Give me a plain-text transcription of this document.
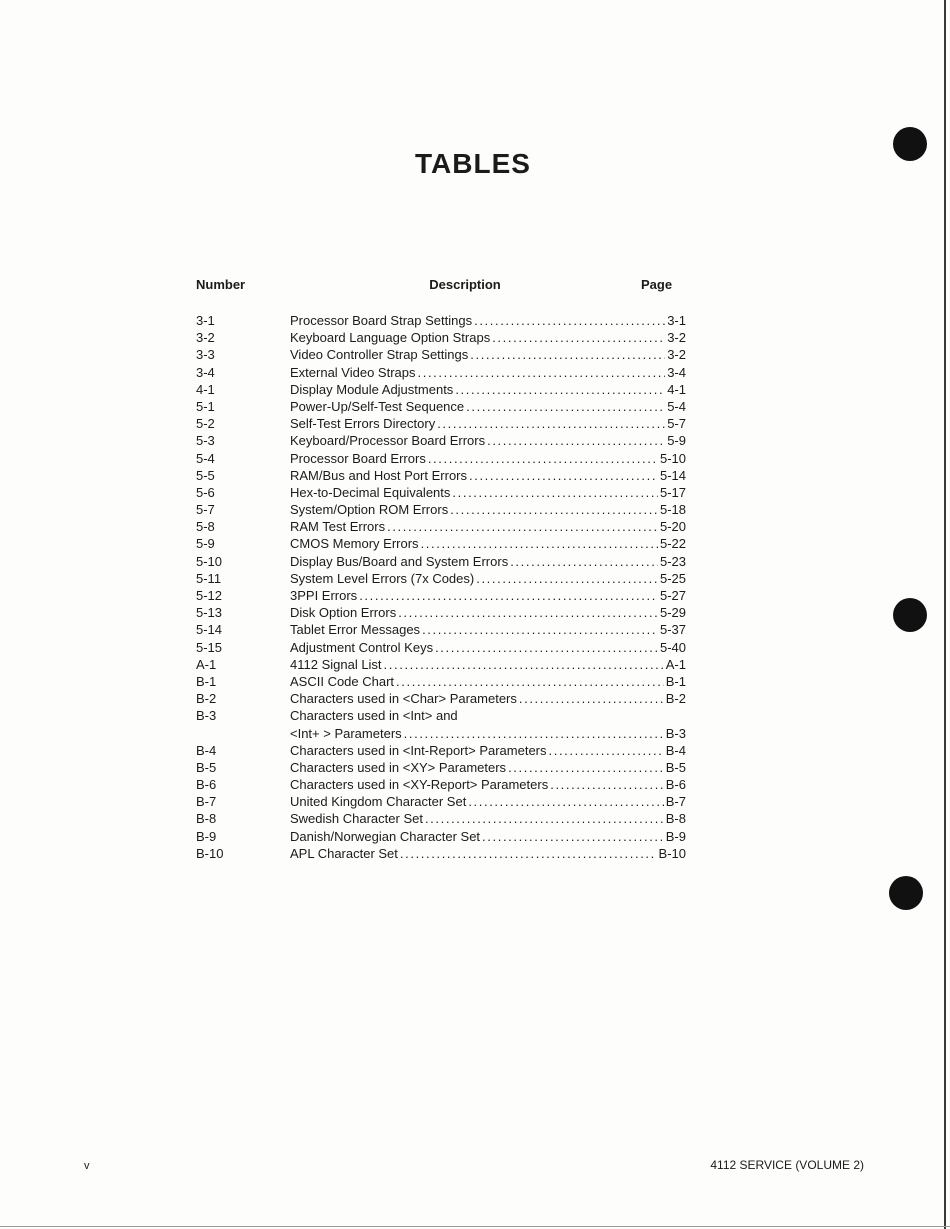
TABLES
Number	Description	Page
3-1	Processor Board Strap Settings . . .	3-1
3-2	Keyboard Language Option Straps . . .	3-2
3-3	Video Controller Strap Settings . . .	3-2
3-4	External Video Straps . . .	3-4
4-1	Display Module Adjustments . . .	4-1
5-1	Power-Up/Self-Test Sequence . . .	5-4
5-2	Self-Test Errors Directory . . .	5-7
5-3	Keyboard/Processor Board Errors . . .	5-9
5-4	Processor Board Errors . . .	5-10
5-5	RAM/Bus and Host Port Errors . . .	5-14
5-6	Hex-to-Decimal Equivalents . . .	5-17
5-7	System/Option ROM Errors . . .	5-18
5-8	RAM Test Errors . . .	5-20
5-9	CMOS Memory Errors . . .	5-22
5-10	Display Bus/Board and System Errors . . .	5-23
5-11	System Level Errors (7x Codes) . . .	5-25
5-12	3PPI Errors . . .	5-27
5-13	Disk Option Errors . . .	5-29
5-14	Tablet Error Messages . . .	5-37
5-15	Adjustment Control Keys . . .	5-40
A-1	4112 Signal List . . .	A-1
B-1	ASCII Code Chart . . .	B-1
B-2	Characters used in <Char> Parameters . . .	B-2
B-3	Characters used in <Int> and
<Int+ > Parameters . . .	B-3
B-4	Characters used in <Int-Report> Parameters . . .	B-4
B-5	Characters used in <XY> Parameters . . .	B-5
B-6	Characters used in <XY-Report> Parameters . . .	B-6
B-7	United Kingdom Character Set . . .	B-7
B-8	Swedish Character Set . . .	B-8
B-9	Danish/Norwegian Character Set . . .	B-9
B-10	APL Character Set . . .	B-10
v	4112 SERVICE (VOLUME 2)
